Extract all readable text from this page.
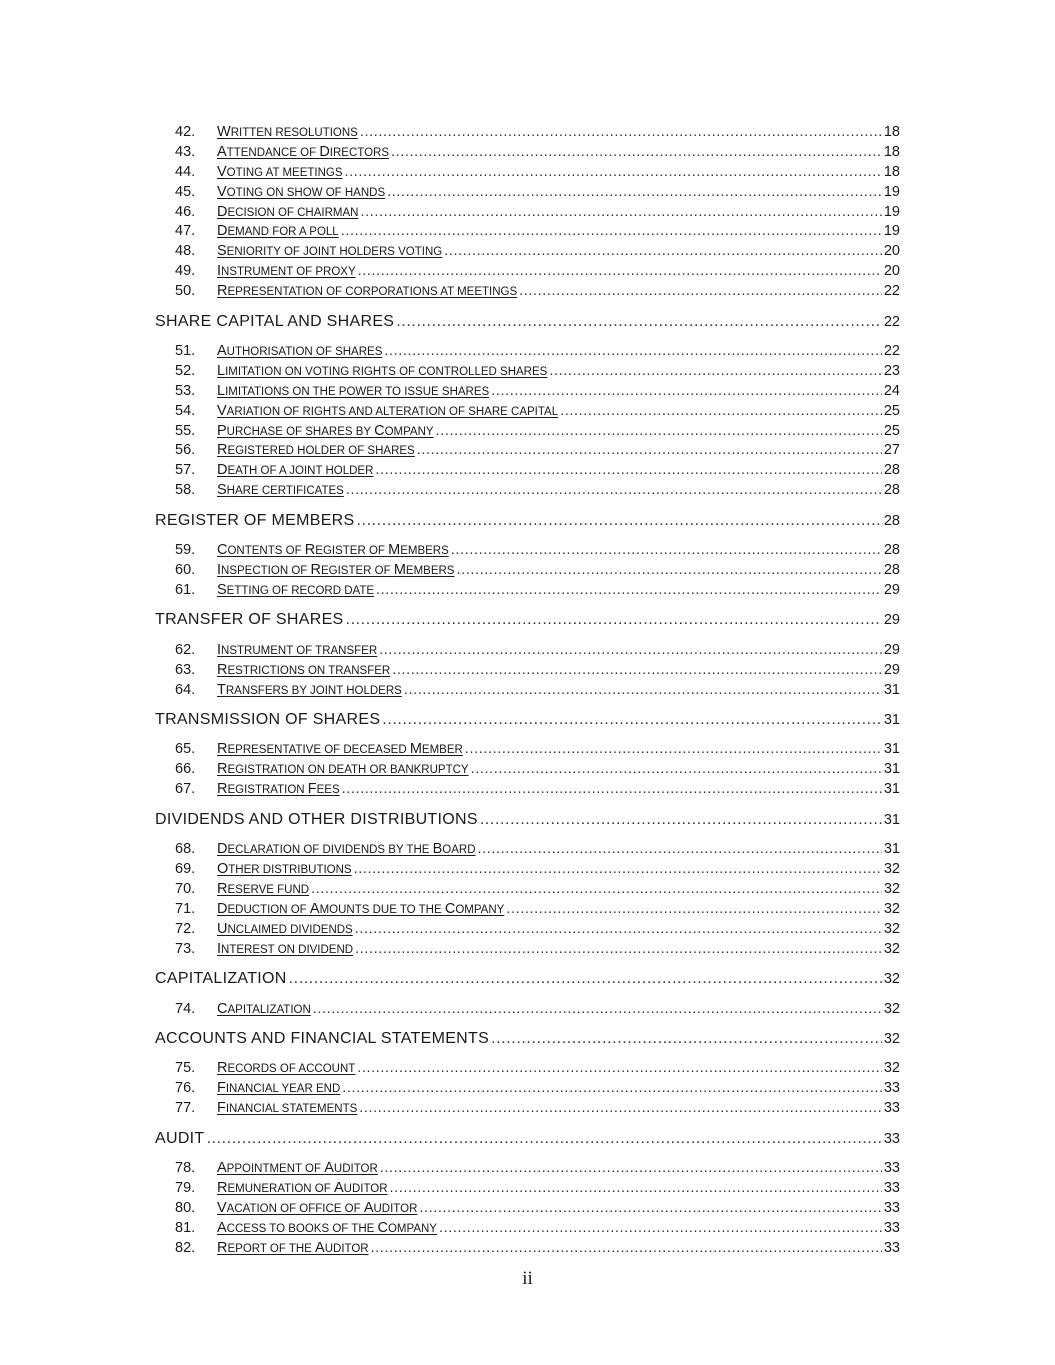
42.	WRITTEN RESOLUTIONS .....	18
43.	ATTENDANCE OF DIRECTORS .....	18
44.	VOTING AT MEETINGS .....	18
45.	VOTING ON SHOW OF HANDS .....	19
46.	DECISION OF CHAIRMAN .....	19
47.	DEMAND FOR A POLL .....	19
48.	SENIORITY OF JOINT HOLDERS VOTING .....	20
49.	INSTRUMENT OF PROXY .....	20
50.	REPRESENTATION OF CORPORATIONS AT MEETINGS .....	22
SHARE CAPITAL AND SHARES .....	22
51.	AUTHORISATION OF SHARES .....	22
52.	LIMITATION ON VOTING RIGHTS OF CONTROLLED SHARES .....	23
53.	LIMITATIONS ON THE POWER TO ISSUE SHARES .....	24
54.	VARIATION OF RIGHTS AND ALTERATION OF SHARE CAPITAL .....	25
55.	PURCHASE OF SHARES BY COMPANY .....	25
56.	REGISTERED HOLDER OF SHARES .....	27
57.	DEATH OF A JOINT HOLDER .....	28
58.	SHARE CERTIFICATES .....	28
REGISTER OF MEMBERS .....	28
59.	CONTENTS OF REGISTER OF MEMBERS .....	28
60.	INSPECTION OF REGISTER OF MEMBERS .....	28
61.	SETTING OF RECORD DATE .....	29
TRANSFER OF SHARES .....	29
62.	INSTRUMENT OF TRANSFER .....	29
63.	RESTRICTIONS ON TRANSFER .....	29
64.	TRANSFERS BY JOINT HOLDERS .....	31
TRANSMISSION OF SHARES .....	31
65.	REPRESENTATIVE OF DECEASED MEMBER .....	31
66.	REGISTRATION ON DEATH OR BANKRUPTCY .....	31
67.	REGISTRATION FEES .....	31
DIVIDENDS AND OTHER DISTRIBUTIONS .....	31
68.	DECLARATION OF DIVIDENDS BY THE BOARD .....	31
69.	OTHER DISTRIBUTIONS .....	32
70.	RESERVE FUND .....	32
71.	DEDUCTION OF AMOUNTS DUE TO THE COMPANY .....	32
72.	UNCLAIMED DIVIDENDS .....	32
73.	INTEREST ON DIVIDEND .....	32
CAPITALIZATION .....	32
74.	CAPITALIZATION .....	32
ACCOUNTS AND FINANCIAL STATEMENTS .....	32
75.	RECORDS OF ACCOUNT .....	32
76.	FINANCIAL YEAR END .....	33
77.	FINANCIAL STATEMENTS .....	33
AUDIT .....	33
78.	APPOINTMENT OF AUDITOR .....	33
79.	REMUNERATION OF AUDITOR .....	33
80.	VACATION OF OFFICE OF AUDITOR .....	33
81.	ACCESS TO BOOKS OF THE COMPANY .....	33
82.	REPORT OF THE AUDITOR .....	33
ii
